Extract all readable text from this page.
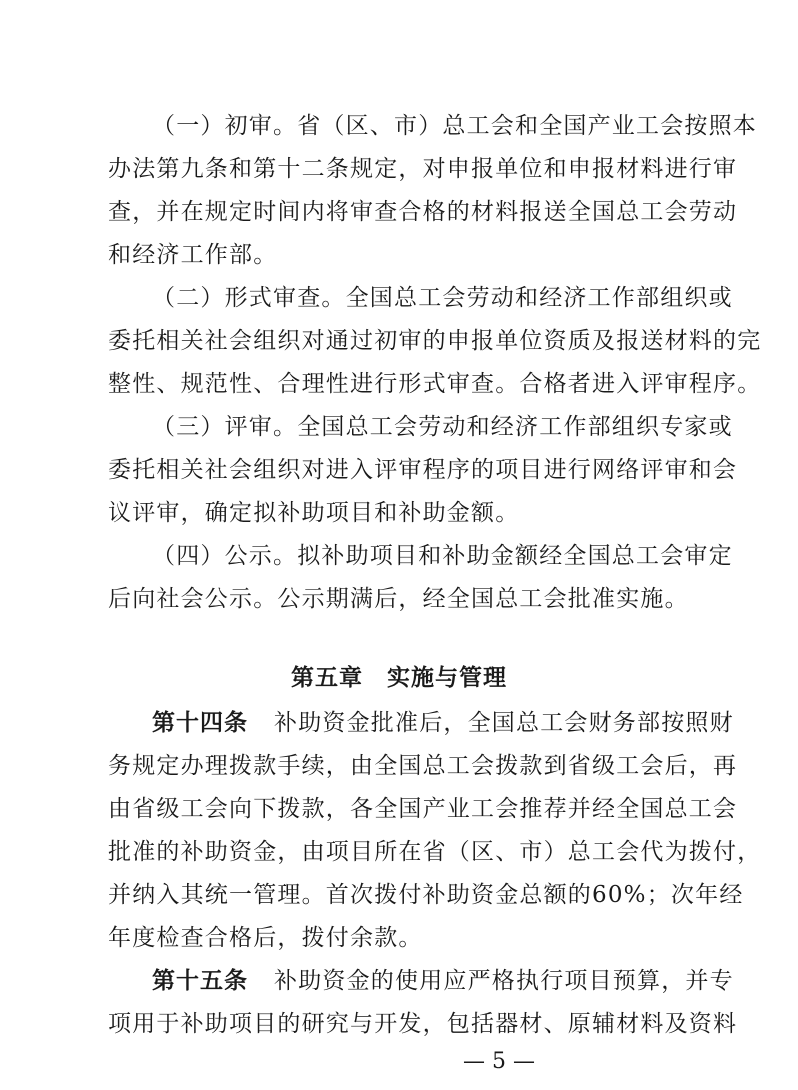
（一）初审。省（区、市）总工会和全国产业工会按照本
办法第九条和第十二条规定，对申报单位和申报材料进行审
查，并在规定时间内将审查合格的材料报送全国总工会劳动
和经济工作部。
（二）形式审查。全国总工会劳动和经济工作部组织或
委托相关社会组织对通过初审的申报单位资质及报送材料的完
整性、规范性、合理性进行形式审查。合格者进入评审程序。
（三）评审。全国总工会劳动和经济工作部组织专家或
委托相关社会组织对进入评审程序的项目进行网络评审和会
议评审，确定拟补助项目和补助金额。
（四）公示。拟补助项目和补助金额经全国总工会审定
后向社会公示。公示期满后，经全国总工会批准实施。
第五章　实施与管理
第十四条 补助资金批准后，全国总工会财务部按照财
务规定办理拨款手续，由全国总工会拨款到省级工会后，再
由省级工会向下拨款，各全国产业工会推荐并经全国总工会
批准的补助资金，由项目所在省（区、市）总工会代为拨付，
并纳入其统一管理。首次拨付补助资金总额的60%；次年经
年度检查合格后，拨付余款。
第十五条 补助资金的使用应严格执行项目预算，并专
项用于补助项目的研究与开发，包括器材、原辅材料及资料
— 5 —
